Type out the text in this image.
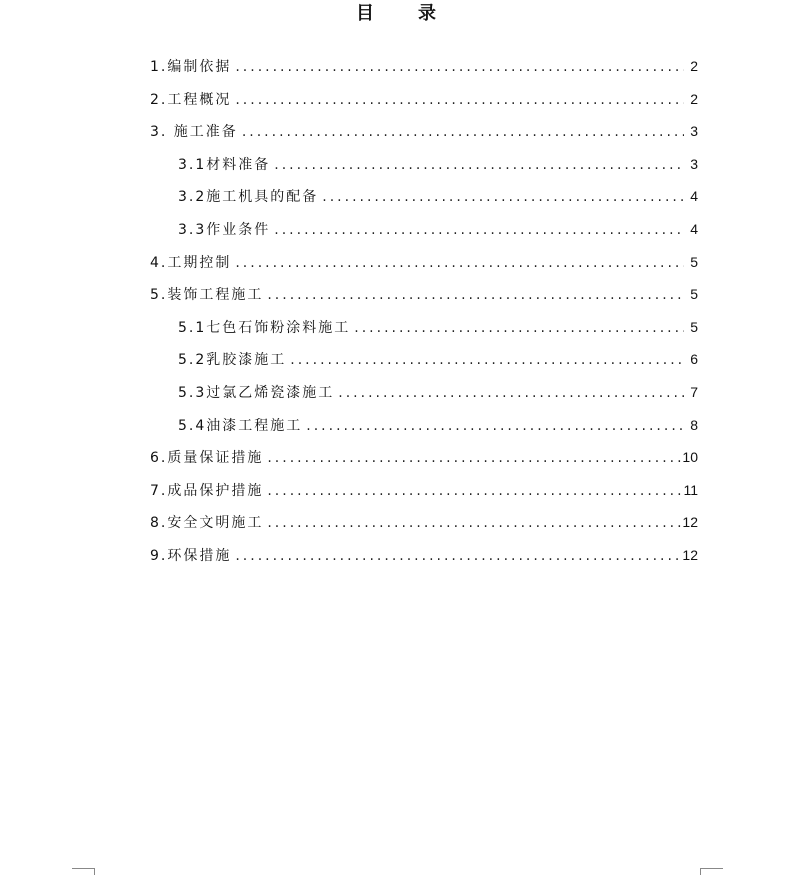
目录
1.编制依据 .....	2
2.工程概况 .....	2
3. 施工准备 .....	3
3.1材料准备 .....	3
3.2施工机具的配备 .....	4
3.3作业条件 .....	4
4.工期控制 .....	5
5.装饰工程施工 .....	5
5.1七色石饰粉涂料施工 .....	5
5.2乳胶漆施工 .....	6
5.3过氯乙烯瓷漆施工 .....	7
5.4油漆工程施工 .....	8
6.质量保证措施 .....	10
7.成品保护措施 .....	11
8.安全文明施工 .....	12
9.环保措施 .....	12
